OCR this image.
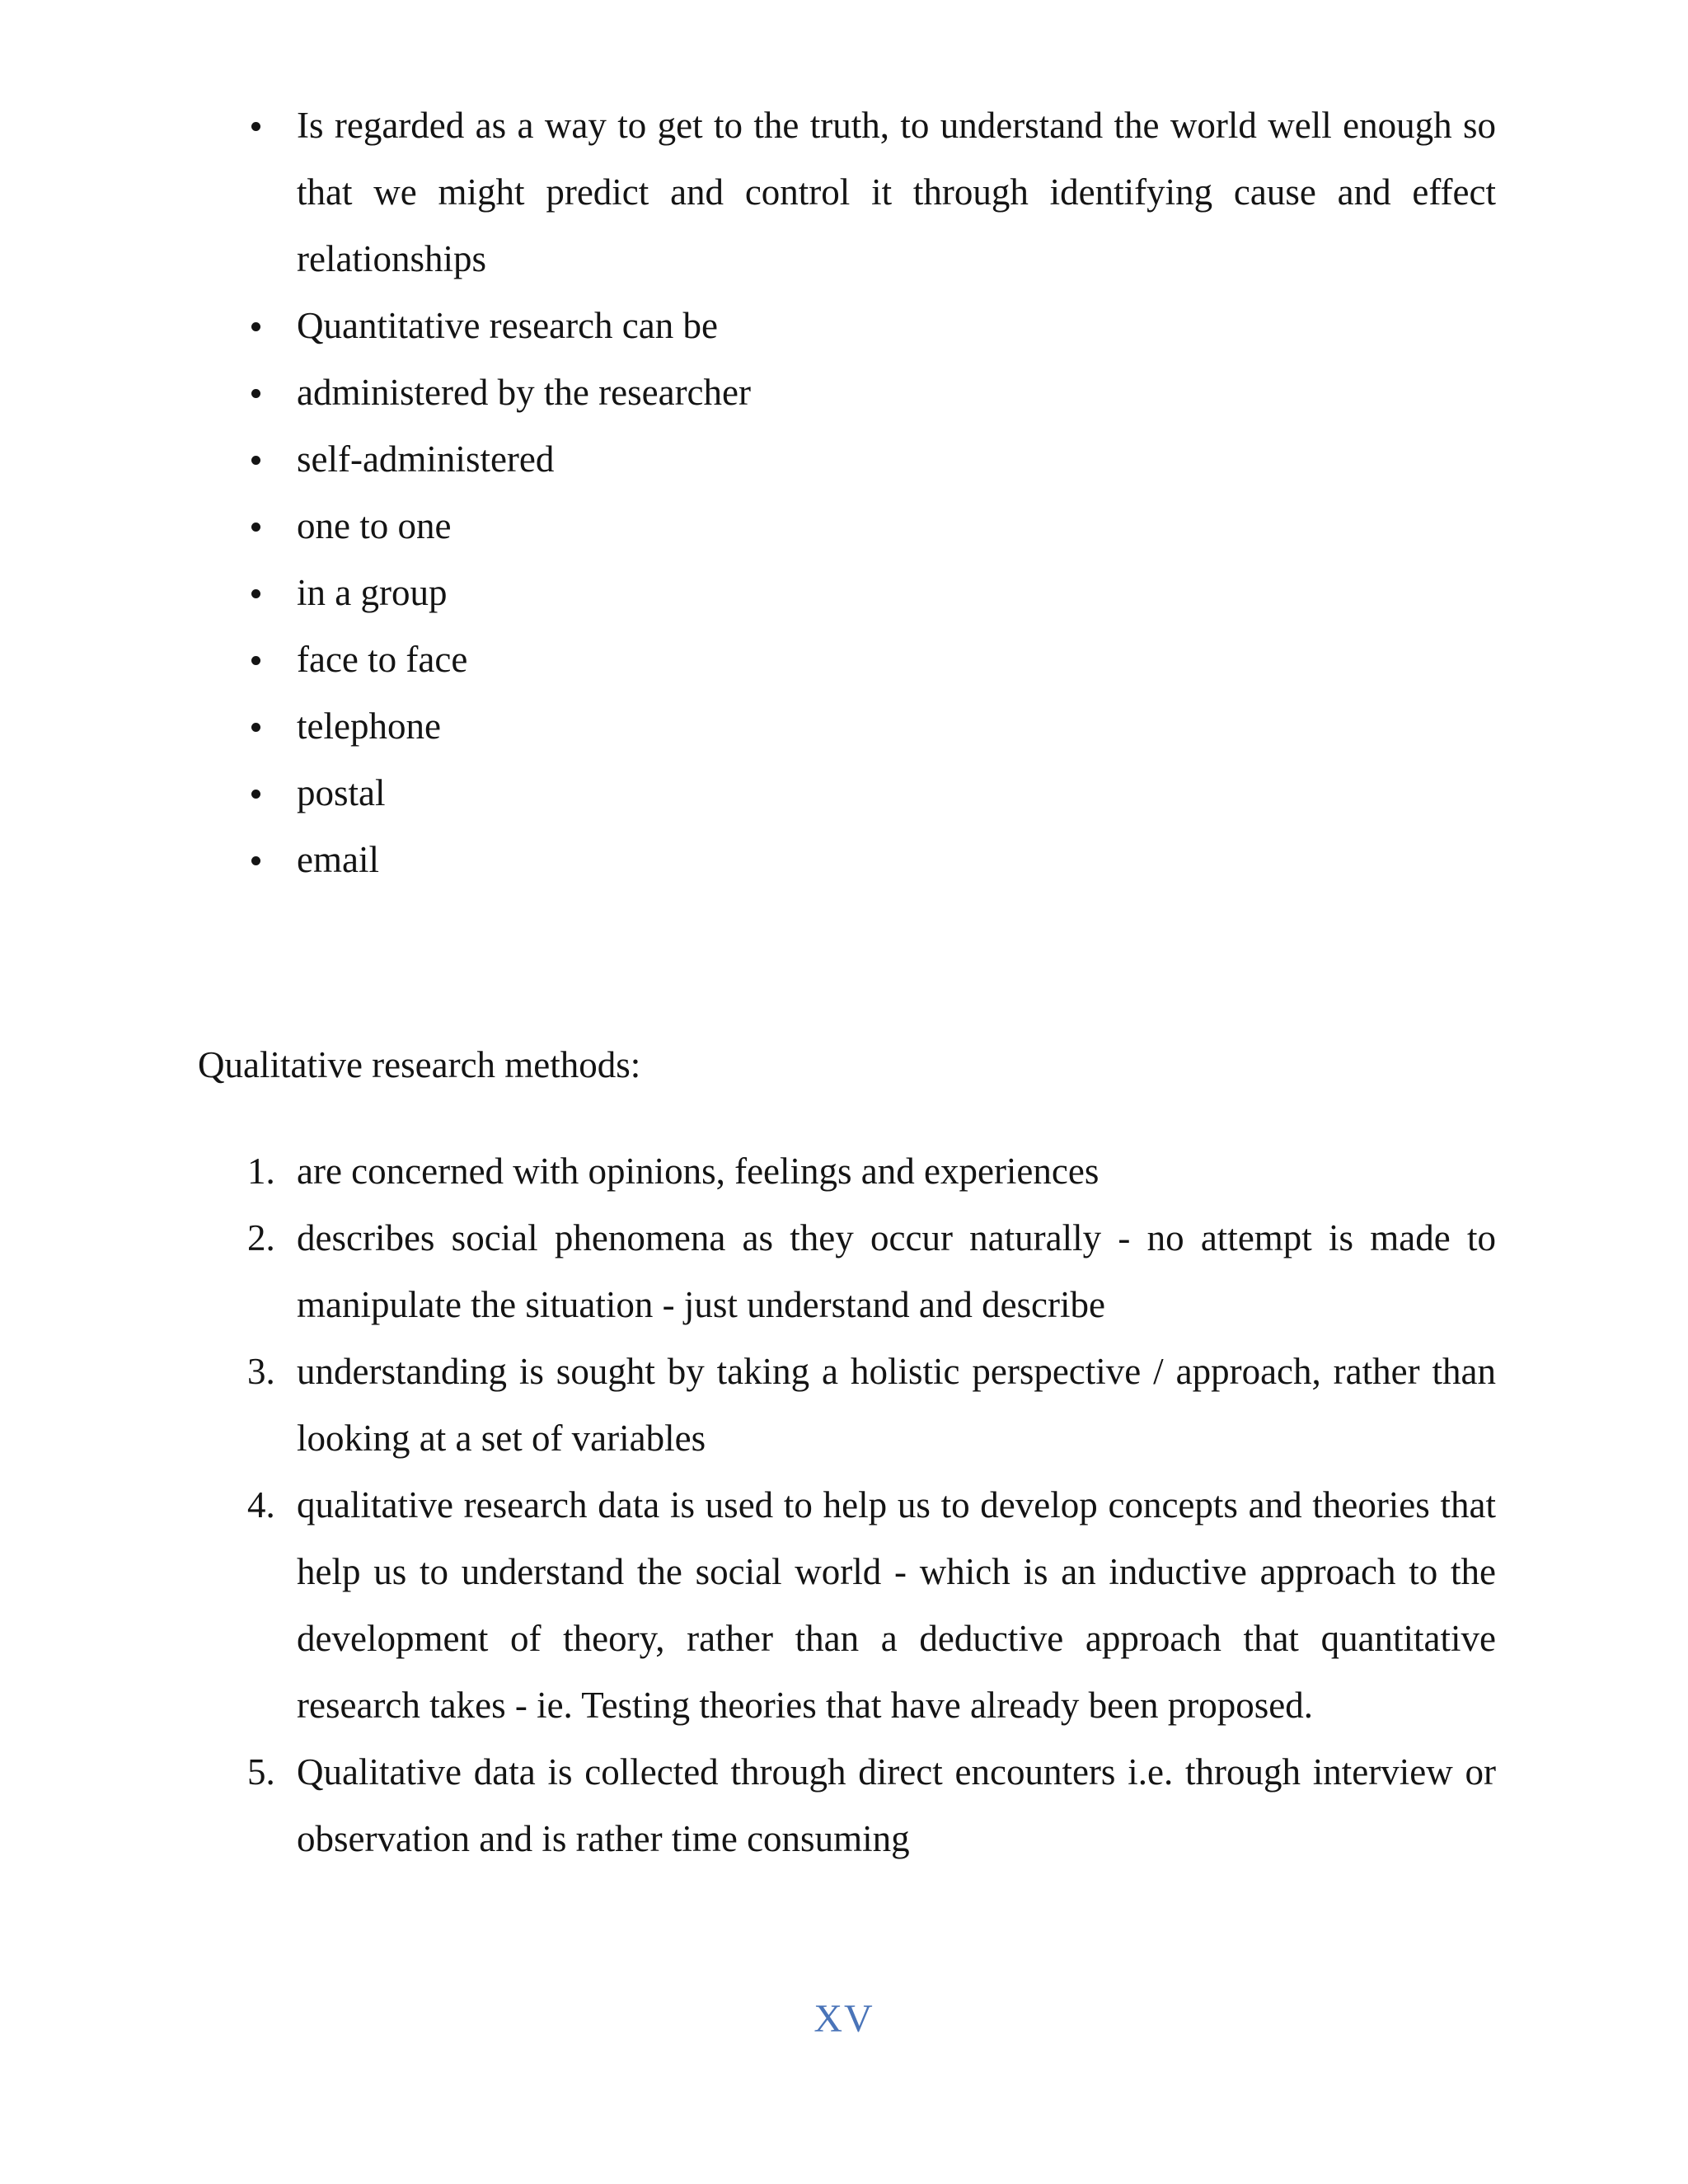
Is regarded as a way to get to the truth, to understand the world well enough so that we might predict and control it through identifying cause and effect relationships
Quantitative research can be
administered by the researcher
self-administered
one to one
in a group
face to face
telephone
postal
email
Qualitative research methods:
1. are concerned with opinions, feelings and experiences
2. describes social phenomena as they occur naturally - no attempt is made to manipulate the situation - just understand and describe
3. understanding is sought by taking a holistic perspective / approach, rather than looking at a set of variables
4. qualitative research data is used to help us to develop concepts and theories that help us to understand the social world - which is an inductive approach to the development of theory, rather than a deductive approach that quantitative research takes - ie. Testing theories that have already been proposed.
5. Qualitative data is collected through direct encounters i.e. through interview or observation and is rather time consuming
XV
